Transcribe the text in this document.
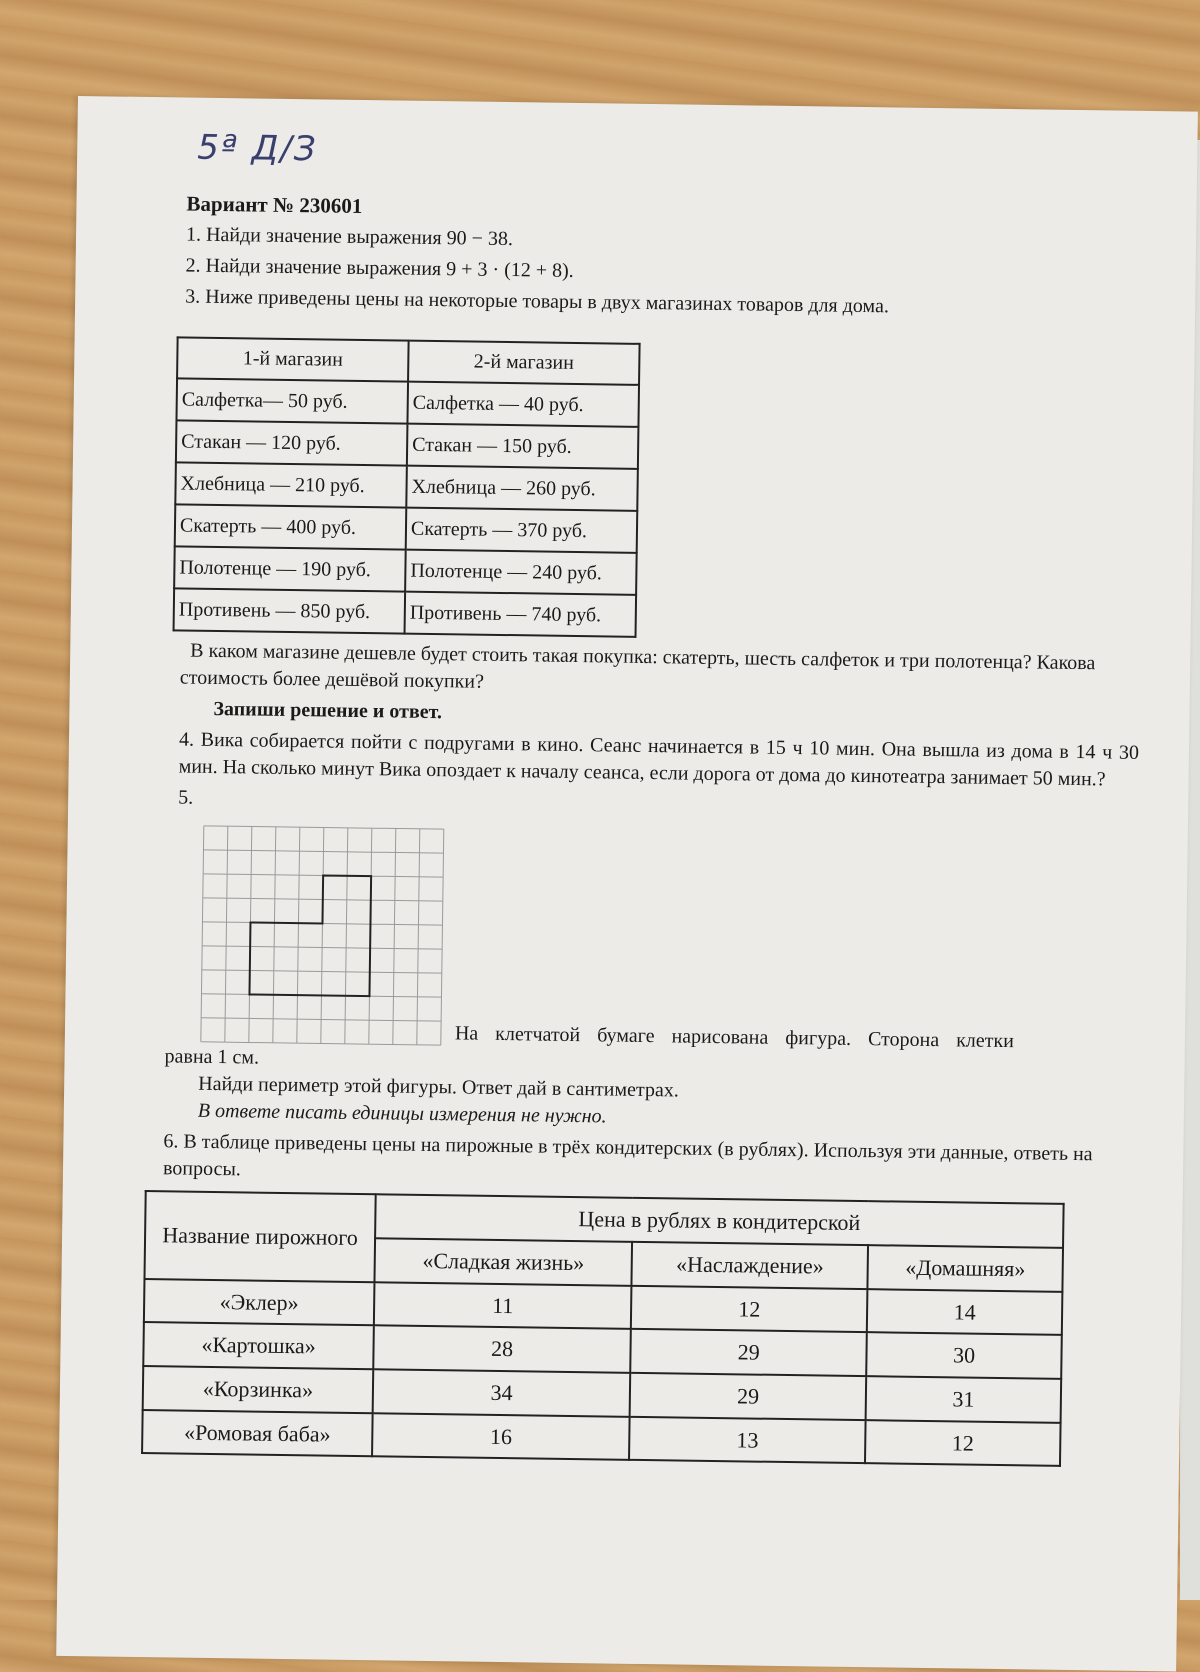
5ª Д/З

Вариант № 230601

1. Найди значение выражения 90 − 38.

2. Найди значение выражения 9 + 3 · (12 + 8).

3. Ниже приведены цены на некоторые товары в двух магазинах товаров для дома.

1-й магазин	2-й магазин
Салфетка— 50 руб.	Салфетка — 40 руб.
Стакан — 120 руб.	Стакан — 150 руб.
Хлебница — 210 руб.	Хлебница — 260 руб.
Скатерть — 400 руб.	Скатерть — 370 руб.
Полотенце — 190 руб.	Полотенце — 240 руб.
Противень — 850 руб.	Противень — 740 руб.

В каком магазине дешевле будет стоить такая покупка: скатерть, шесть салфеток и три полотенца? Какова стоимость более дешёвой покупки?

Запиши решение и ответ.

4. Вика собирается пойти с подругами в кино. Сеанс начинается в 15 ч 10 мин. Она вышла из дома в 14 ч 30 мин. На сколько минут Вика опоздает к началу сеанса, если дорога от дома до кинотеатра занимает 50 мин.?

5.

На клетчатой бумаге нарисована фигура. Сторона клетки

равна 1 см.

Найди периметр этой фигуры. Ответ дай в сантиметрах.

В ответе писать единицы измерения не нужно.

6. В таблице приведены цены на пирожные в трёх кондитерских (в рублях). Используя эти данные, ответь на вопросы.

Название пирожного	Цена в рублях в кондитерской		
	«Сладкая жизнь»	«Наслаждение»	«Домашняя»
«Эклер»	11	12	14
«Картошка»	28	29	30
«Корзинка»	34	29	31
«Ромовая баба»	16	13	12
